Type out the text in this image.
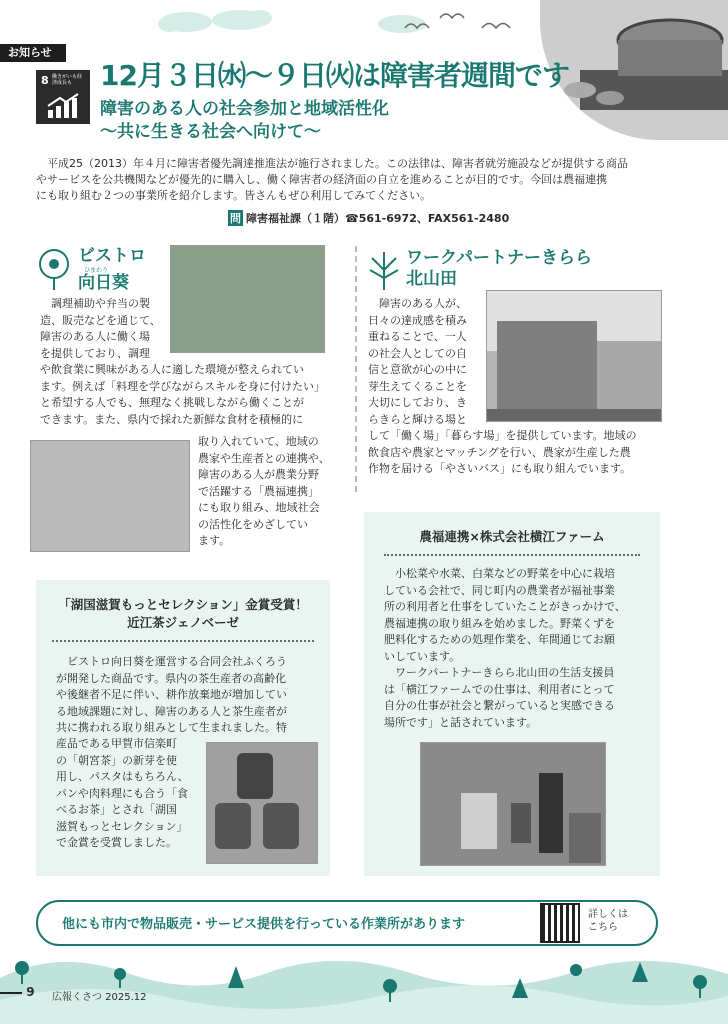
お知らせ
8 働きがいも経済成長も 12月３日㈬〜９日㈫は障害者週間です
障害のある人の社会参加と地域活性化
〜共に生きる社会へ向けて〜
平成25（2013）年４月に障害者優先調達推進法が施行されました。この法律は、障害者就労施設などが提供する商品
やサービスを公共機関などが優先的に購入し、働く障害者の経済面の自立を進めることが目的です。今回は農福連携
にも取り組む２つの事業所を紹介します。皆さんもぜひ利用してみてください。
問 障害福祉課（１階）☎561-6972、FAX561-2480
ビストロ
向日葵
ひまわり
調理補助や弁当の製
造、販売などを通じて、
障害のある人に働く場
を提供しており、調理
や飲食業に興味がある人に適した環境が整えられてい
ます。例えば「料理を学びながらスキルを身に付けたい」
と希望する人でも、無理なく挑戦しながら働くことが
できます。また、県内で採れた新鮮な食材を積極的に
取り入れていて、地域の
農家や生産者との連携や、
障害のある人が農業分野
で活躍する「農福連携」
にも取り組み、地域社会
の活性化をめざしてい
ます。
「湖国滋賀もっとセレクション」金賞受賞！
近江茶ジェノベーゼ
ビストロ向日葵を運営する合同会社ふくろう
が開発した商品です。県内の茶生産者の高齢化
や後継者不足に伴い、耕作放棄地が増加してい
る地域課題に対し、障害のある人と茶生産者が
共に携われる取り組みとして生まれました。特
産品である甲賀市信楽町
の「朝宮茶」の新芽を使
用し、パスタはもちろん、
パンや肉料理にも合う「食
べるお茶」とされ「湖国
滋賀もっとセレクション」
で金賞を受賞しました。
ワークパートナーきらら
北山田
障害のある人が、
日々の達成感を積み
重ねることで、一人
の社会人としての自
信と意欲が心の中に
芽生えてくることを
大切にしており、き
らきらと輝ける場と
して「働く場」「暮らす場」を提供しています。地域の
飲食店や農家とマッチングを行い、農家が生産した農
作物を届ける「やさいバス」にも取り組んでいます。
農福連携×株式会社横江ファーム
小松菜や水菜、白菜などの野菜を中心に栽培
している会社で、同じ町内の農業者が福祉事業
所の利用者と仕事をしていたことがきっかけで、
農福連携の取り組みを始めました。野菜くずを
肥料化するための処理作業を、年間通じてお願
いしています。
ワークパートナーきらら北山田の生活支援員
は「横江ファームでの仕事は、利用者にとって
自分の仕事が社会と繋がっていると実感できる
場所です」と話されています。
他にも市内で物品販売・サービス提供を行っている作業所があります
詳しくは
こちら
9	広報くさつ 2025.12
